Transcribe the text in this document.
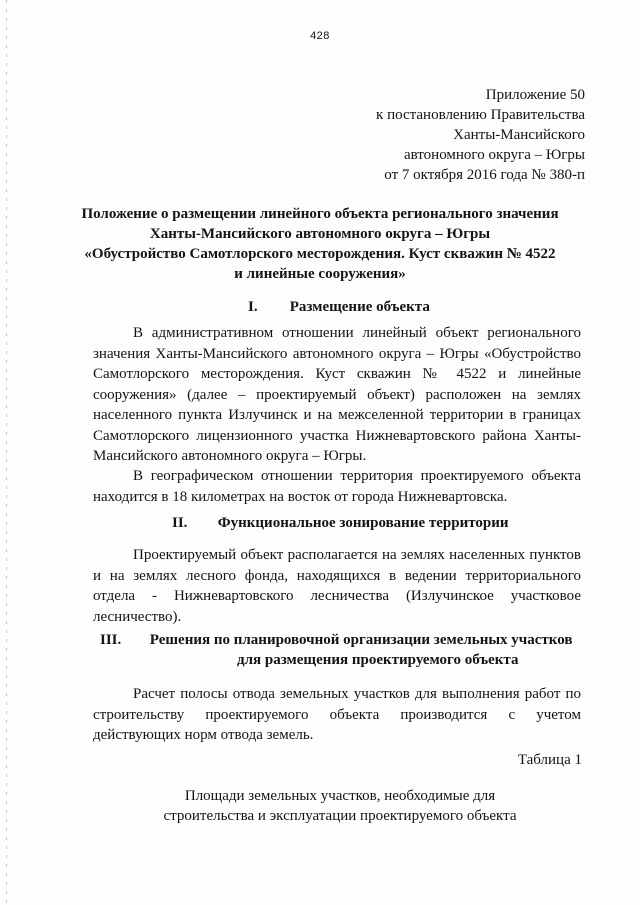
428
Приложение 50
к постановлению Правительства
Ханты-Мансийского
автономного округа – Югры
от 7 октября 2016 года № 380-п
Положение о размещении линейного объекта регионального значения
Ханты-Мансийского автономного округа – Югры
«Обустройство Самотлорского месторождения. Куст скважин № 4522
и линейные сооружения»
I. Размещение объекта
В административном отношении линейный объект регионального
значения Ханты-Мансийского автономного округа – Югры «Обустройство
Самотлорского месторождения. Куст скважин № 4522 и линейные
сооружения» (далее – проектируемый объект) расположен на землях
населенного пункта Излучинск и на межселенной территории в границах
Самотлорского лицензионного участка Нижневартовского района Ханты-
Мансийского автономного округа – Югры.
В географическом отношении территория проектируемого объекта
находится в 18 километрах на восток от города Нижневартовска.
II. Функциональное зонирование территории
Проектируемый объект располагается на землях населенных пунктов
и на землях лесного фонда, находящихся в ведении территориального
отдела - Нижневартовского лесничества (Излучинское участковое
лесничество).
III. Решения по планировочной организации земельных участков
для размещения проектируемого объекта
Расчет полосы отвода земельных участков для выполнения работ по
строительству проектируемого объекта производится с учетом
действующих норм отвода земель.
Таблица 1
Площади земельных участков, необходимые для
строительства и эксплуатации проектируемого объекта
